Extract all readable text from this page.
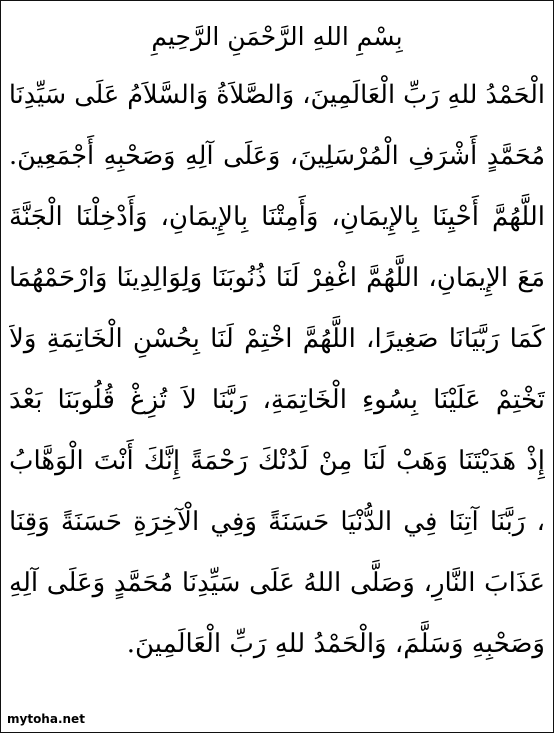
بِسْمِ اللهِ الرَّحْمَنِ الرَّحِيمِ
الْحَمْدُ للهِ رَبِّ الْعَالَمِينَ، وَالصَّلاَةُ وَالسَّلاَمُ عَلَى سَيِّدِنَا
مُحَمَّدٍ أَشْرَفِ الْمُرْسَلِينَ، وَعَلَى آلِهِ وَصَحْبِهِ أَجْمَعِينَ.
اللَّهُمَّ أَحْيِنَا بِالإِيمَانِ، وَأَمِتْنَا بِالإِيمَانِ، وَأَدْخِلْنَا الْجَنَّةَ
مَعَ الإِيمَانِ، اللَّهُمَّ اغْفِرْ لَنَا ذُنُوبَنَا وَلِوَالِدِينَا وَارْحَمْهُمَا
كَمَا رَبَّيَانَا صَغِيرًا، اللَّهُمَّ اخْتِمْ لَنَا بِحُسْنِ الْخَاتِمَةِ وَلاَ
تَخْتِمْ عَلَيْنَا بِسُوءِ الْخَاتِمَةِ، رَبَّنَا لاَ تُزِغْ قُلُوبَنَا بَعْدَ
إِذْ هَدَيْتَنَا وَهَبْ لَنَا مِنْ لَدُنْكَ رَحْمَةً إِنَّكَ أَنْتَ الْوَهَّابُ
، رَبَّنَا آتِنَا فِي الدُّنْيَا حَسَنَةً وَفِي الْآخِرَةِ حَسَنَةً وَقِنَا
عَذَابَ النَّارِ، وَصَلَّى اللهُ عَلَى سَيِّدِنَا مُحَمَّدٍ وَعَلَى آلِهِ
وَصَحْبِهِ وَسَلَّمَ، وَالْحَمْدُ للهِ رَبِّ الْعَالَمِينَ.
mytoha.net
